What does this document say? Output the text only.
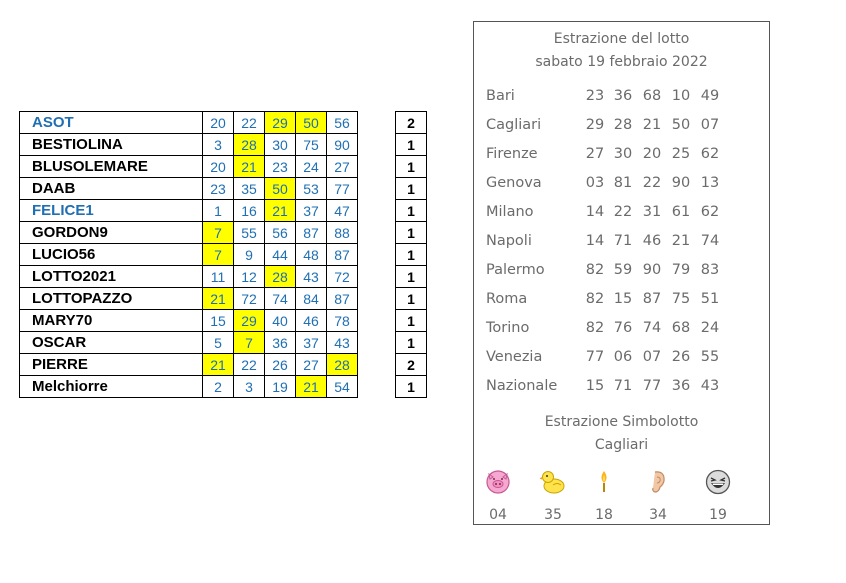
ASOT	20	22	29	50	56		2
BESTIOLINA	3	28	30	75	90		1
BLUSOLEMARE	20	21	23	24	27		1
DAAB	23	35	50	53	77		1
FELICE1	1	16	21	37	47		1
GORDON9	7	55	56	87	88		1
LUCIO56	7	9	44	48	87		1
LOTTO2021	11	12	28	43	72		1
LOTTOPAZZO	21	72	74	84	87		1
MARY70	15	29	40	46	78		1
OSCAR	5	7	36	37	43		1
PIERRE	21	22	26	27	28		2
Melchiorre	2	3	19	21	54		1
Estrazione del lotto
sabato 19 febbraio 2022
Bari	23 36 68 10 49
Cagliari	29 28 21 50 07
Firenze	27 30 20 25 62
Genova	03 81 22 90 13
Milano	14 22 31 61 62
Napoli	14 71 46 21 74
Palermo	82 59 90 79 83
Roma	82 15 87 75 51
Torino	82 76 74 68 24
Venezia	77 06 07 26 55
Nazionale	15 71 77 36 43
Estrazione Simbolotto
Cagliari
04	35	18	34	19
